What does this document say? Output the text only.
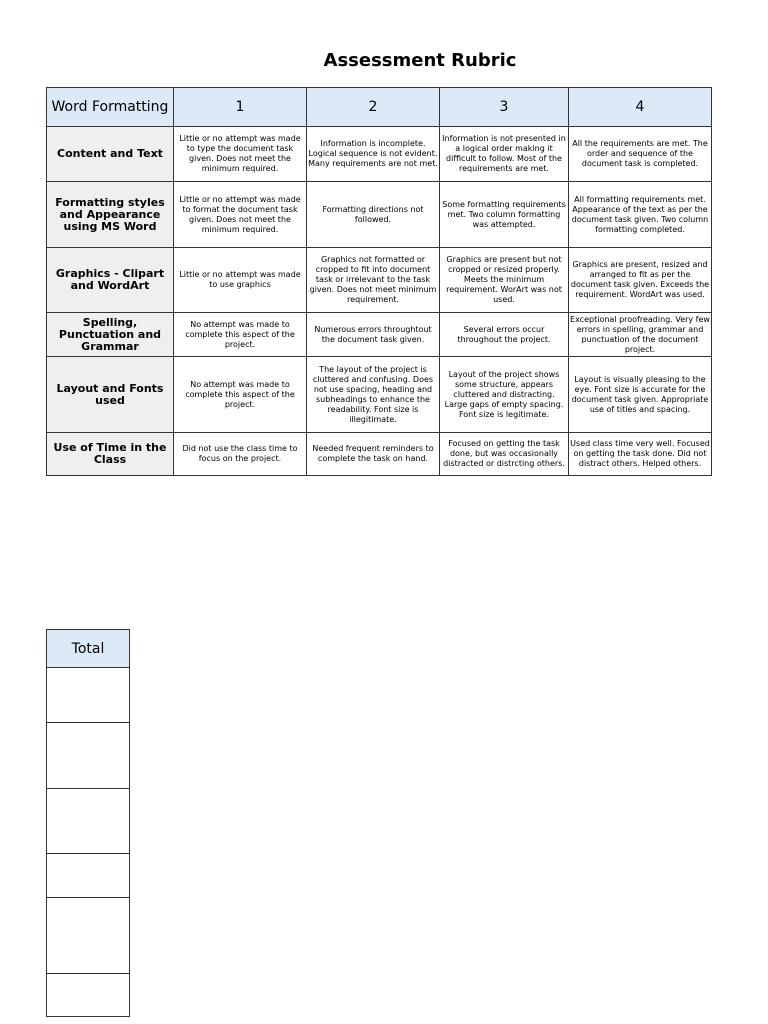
Assessment Rubric
Word Formatting	1	2	3	4
Content and Text	Little or no attempt was made to type the document task given. Does not meet the minimum required.	Information is incomplete. Logical sequence is not evident. Many requirements are not met.	Information is not presented in a logical order making it difficult to follow. Most of the requirements are met.	All the requirements are met. The order and sequence of the document task is completed.
Formatting styles and Appearance using MS Word	Little or no attempt was made to format the document task given. Does not meet the minimum required.	Formatting directions not followed.	Some formatting requirements met. Two column formatting was attempted.	All formatting requirements met. Appearance of the text as per the document task given. Two column formatting completed.
Graphics - Clipart and WordArt	Little or no attempt was made to use graphics	Graphics not formatted or cropped to fit into document task or irrelevant to the task given. Does not meet minimum requirement.	Graphics are present but not cropped or resized properly. Meets the minimum requirement. WorArt was not used.	Graphics are present, resized and arranged to fit as per the document task given. Exceeds the requirement. WordArt was used.
Spelling, Punctuation and Grammar	No attempt was made to complete this aspect of the project.	Numerous errors throughtout the document task given.	Several errors occur throughout the project.	Exceptional proofreading. Very few errors in spelling, grammar and punctuation of the document project.
Layout and Fonts used	No attempt was made to complete this aspect of the project.	The layout of the project is cluttered and confusing. Does not use spacing, heading and subheadings to enhance the readability. Font size is illegitimate.	Layout of the project shows some structure, appears cluttered and distracting. Large gaps of empty spacing. Font size is legitimate.	Layout is visually pleasing to the eye. Font size is accurate for the document task given. Appropriate use of titles and spacing.
Use of Time in the Class	Did not use the class time to focus on the project.	Needed frequent reminders to complete the task on hand.	Focused on getting the task done, but was occasionally distracted or distrcting others.	Used class time very well. Focused on getting the task done. Did not distract others. Helped others.
Total
